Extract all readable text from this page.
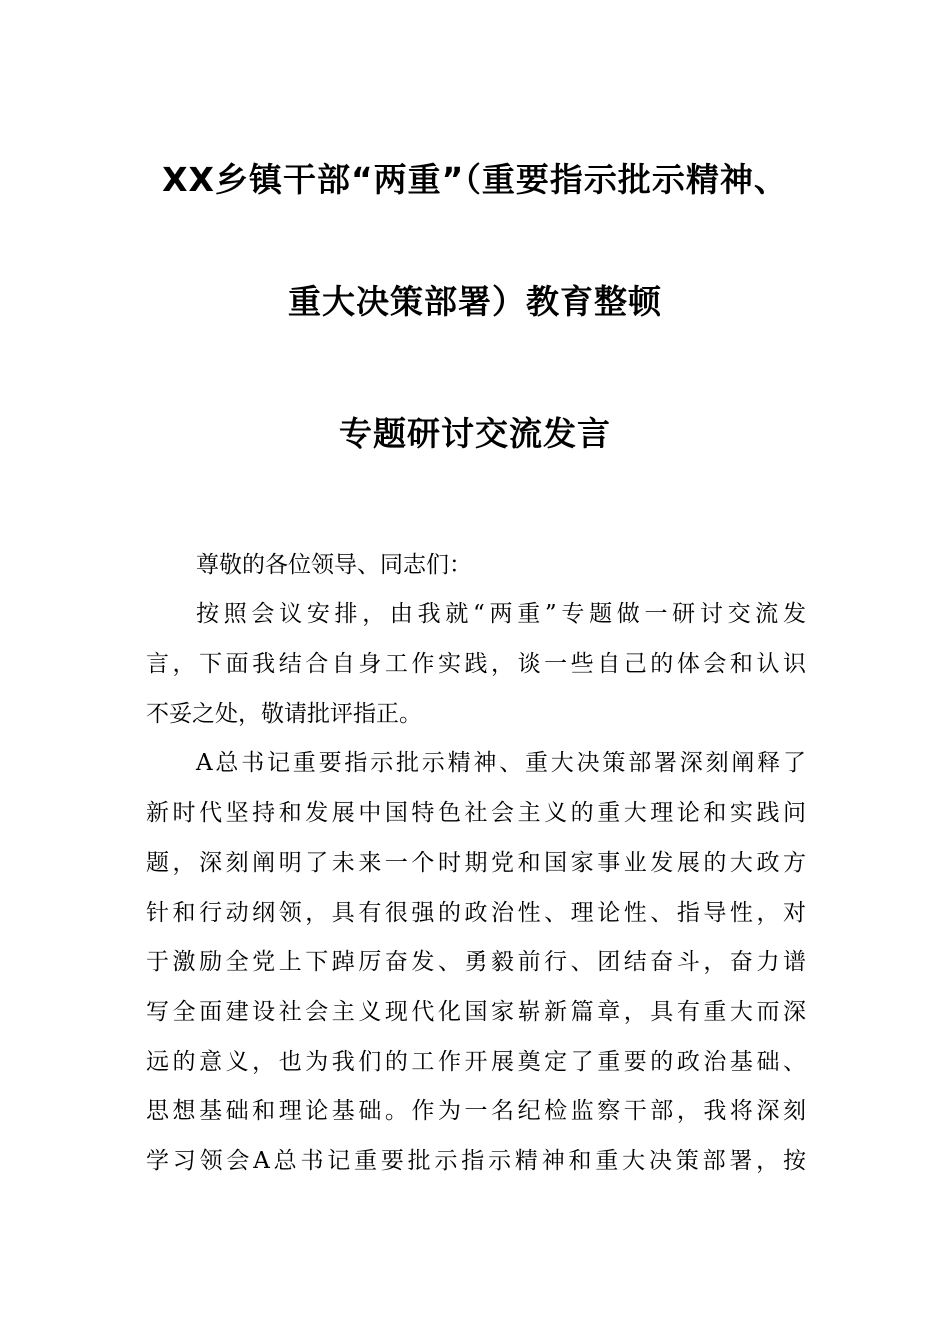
XX乡镇干部“两重”（重要指示批示精神、
重大决策部署）教育整顿
专题研讨交流发言
尊敬的各位领导、同志们：
按照会议安排，由我就“两重”专题做一研讨交流发
言，下面我结合自身工作实践，谈一些自己的体会和认识
不妥之处，敬请批评指正。
A总书记重要指示批示精神、重大决策部署深刻阐释了
新时代坚持和发展中国特色社会主义的重大理论和实践问
题，深刻阐明了未来一个时期党和国家事业发展的大政方
针和行动纲领，具有很强的政治性、理论性、指导性，对
于激励全党上下踔厉奋发、勇毅前行、团结奋斗，奋力谱
写全面建设社会主义现代化国家崭新篇章，具有重大而深
远的意义，也为我们的工作开展奠定了重要的政治基础、
思想基础和理论基础。作为一名纪检监察干部，我将深刻
学习领会A总书记重要批示指示精神和重大决策部署，按
